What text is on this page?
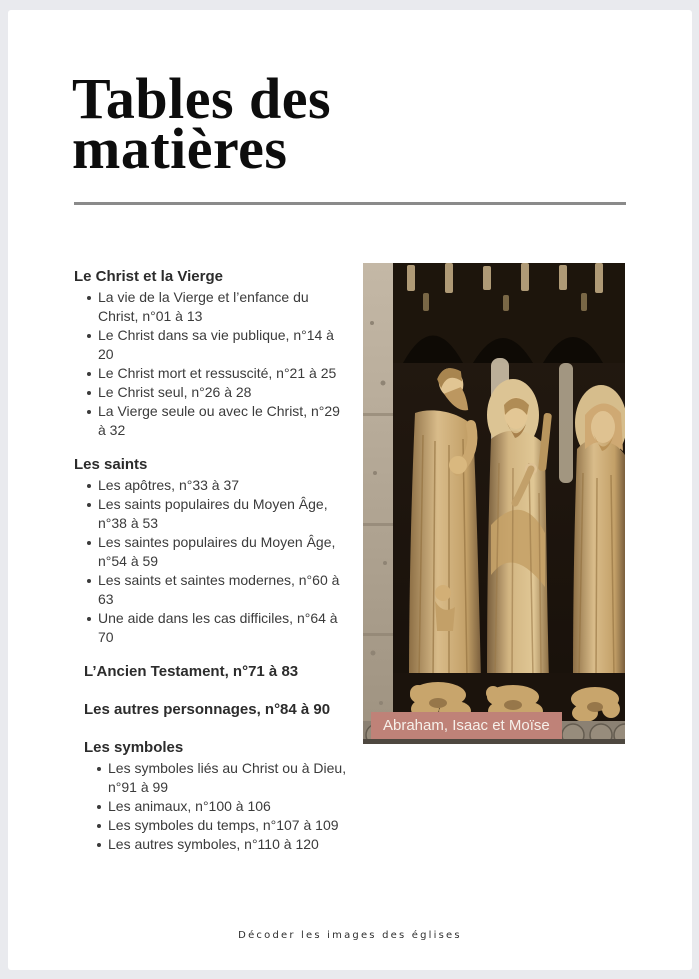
Tables des
matières
Le Christ et la Vierge
La vie de la Vierge et l’enfance du Christ, n°01 à 13
Le Christ dans sa vie publique, n°14 à 20
Le Christ mort et ressuscité, n°21 à 25
Le Christ seul, n°26 à 28
La Vierge seule ou avec le Christ, n°29 à 32
Les saints
Les apôtres, n°33 à 37
Les saints populaires du Moyen Âge, n°38 à 53
Les saintes populaires du Moyen Âge, n°54 à 59
Les saints et saintes modernes, n°60 à 63
Une aide dans les cas difficiles, n°64 à 70
L’Ancien Testament, n°71 à 83
Les autres personnages, n°84 à 90
Les symboles
Les symboles liés au Christ ou à Dieu, n°91 à 99
Les animaux, n°100 à 106
Les symboles du temps, n°107 à 109
Les autres symboles, n°110 à 120
Abraham, Isaac et Moïse
Décoder les images des églises
